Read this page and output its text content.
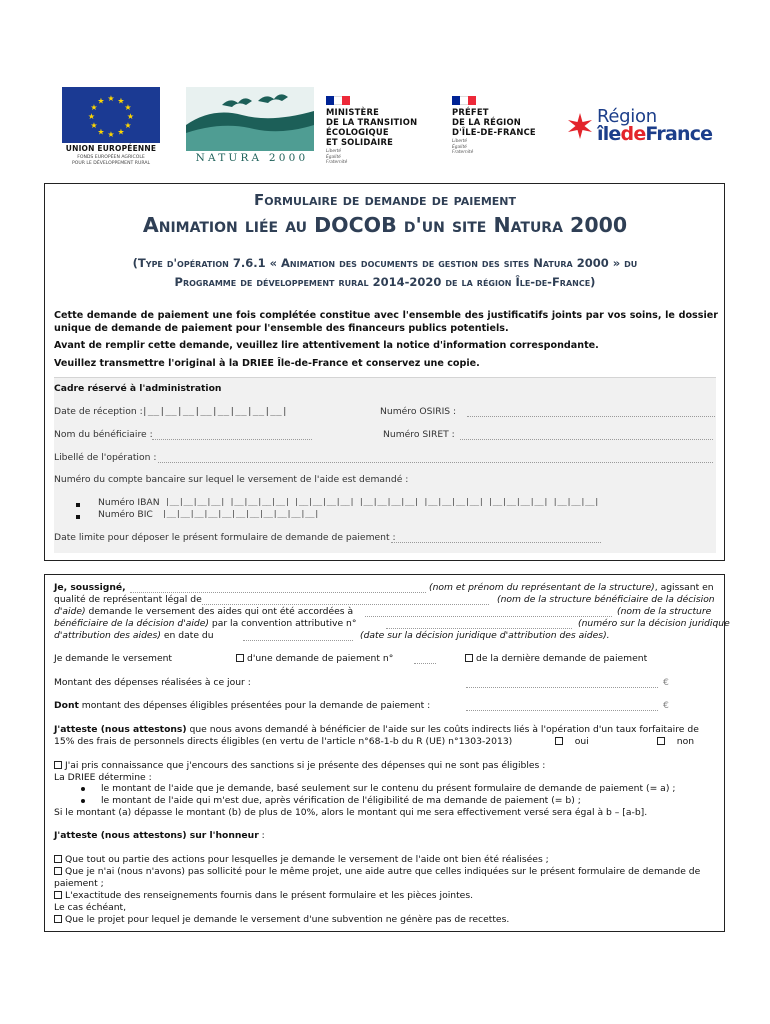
★ ★
★
★
★
★
★
★
★
★
★
★
UNION EUROPÉENNE
FONDS EUROPÉEN AGRICOLE
POUR LE DÉVELOPPEMENT RURAL	NATURA 2000
MINISTÈRE
DE LA TRANSITION
ÉCOLOGIQUE
ET SOLIDAIRE
Liberté
Égalité
Fraternité
PRÉFET
DE LA RÉGION
D'ÎLE-DE-FRANCE
Liberté
Égalité
Fraternité
Région
îledeFrance
Formulaire de demande de paiement
Animation liée au DOCOB d'un site Natura 2000
(Type d'opération 7.6.1 « Animation des documents de gestion des sites Natura 2000 » du
Programme de développement rural 2014-2020 de la région Île-de-France)
Cette demande de paiement une fois complétée constitue avec l'ensemble des justificatifs joints par vos soins, le dossier unique de demande de paiement pour l'ensemble des financeurs publics potentiels.
Avant de remplir cette demande, veuillez lire attentivement la notice d'information correspondante.
Veuillez transmettre l'original à la DRIEE Île-de-France et conservez une copie.
Cadre réservé à l'administration
Date de réception : |__|__|__|__|__|__|__|__|	Numéro OSIRIS :
Nom du bénéficiaire :	Numéro SIRET :
Libellé de l'opération :
Numéro du compte bancaire sur lequel le versement de l'aide est demandé :
Numéro IBAN |__|__|__|__| |__|__|__|__| |__|__|__|__| |__|__|__|__| |__|__|__|__| |__|__|__|__| |__|__|__|
Numéro BIC |__|__|__|__|__|__|__|__|__|__|__|
Date limite pour déposer le présent formulaire de demande de paiement :
Je, soussigné,	(nom et prénom du représentant de la structure), agissant en
qualité de représentant légal de	(nom de la structure bénéficiaire de la décision
d'aide) demande le versement des aides qui ont été accordées à	(nom de la structure
bénéficiaire de la décision d'aide) par la convention attributive n°	(numéro sur la décision juridique
d'attribution des aides) en date du	(date sur la décision juridique d'attribution des aides).
Je demande le versement	d'une demande de paiement n°	de la dernière demande de paiement
Montant des dépenses réalisées à ce jour :	€
Dont montant des dépenses éligibles présentées pour la demande de paiement :	€
J'atteste (nous attestons) que nous avons demandé à bénéficier de l'aide sur les coûts indirects liés à l'opération d'un taux forfaitaire de
15% des frais de personnels directs éligibles (en vertu de l'article n°68-1-b du R (UE) n°1303-2013)	oui	non
J'ai pris connaissance que j'encours des sanctions si je présente des dépenses qui ne sont pas éligibles :
La DRIEE détermine :
le montant de l'aide que je demande, basé seulement sur le contenu du présent formulaire de demande de paiement (= a) ;
le montant de l'aide qui m'est due, après vérification de l'éligibilité de ma demande de paiement (= b) ;
Si le montant (a) dépasse le montant (b) de plus de 10%, alors le montant qui me sera effectivement versé sera égal à b – [a-b].
J'atteste (nous attestons) sur l'honneur :
Que tout ou partie des actions pour lesquelles je demande le versement de l'aide ont bien été réalisées ;
Que je n'ai (nous n'avons) pas sollicité pour le même projet, une aide autre que celles indiquées sur le présent formulaire de demande de
paiement ;
L'exactitude des renseignements fournis dans le présent formulaire et les pièces jointes.
Le cas échéant,
Que le projet pour lequel je demande le versement d'une subvention ne génère pas de recettes.
